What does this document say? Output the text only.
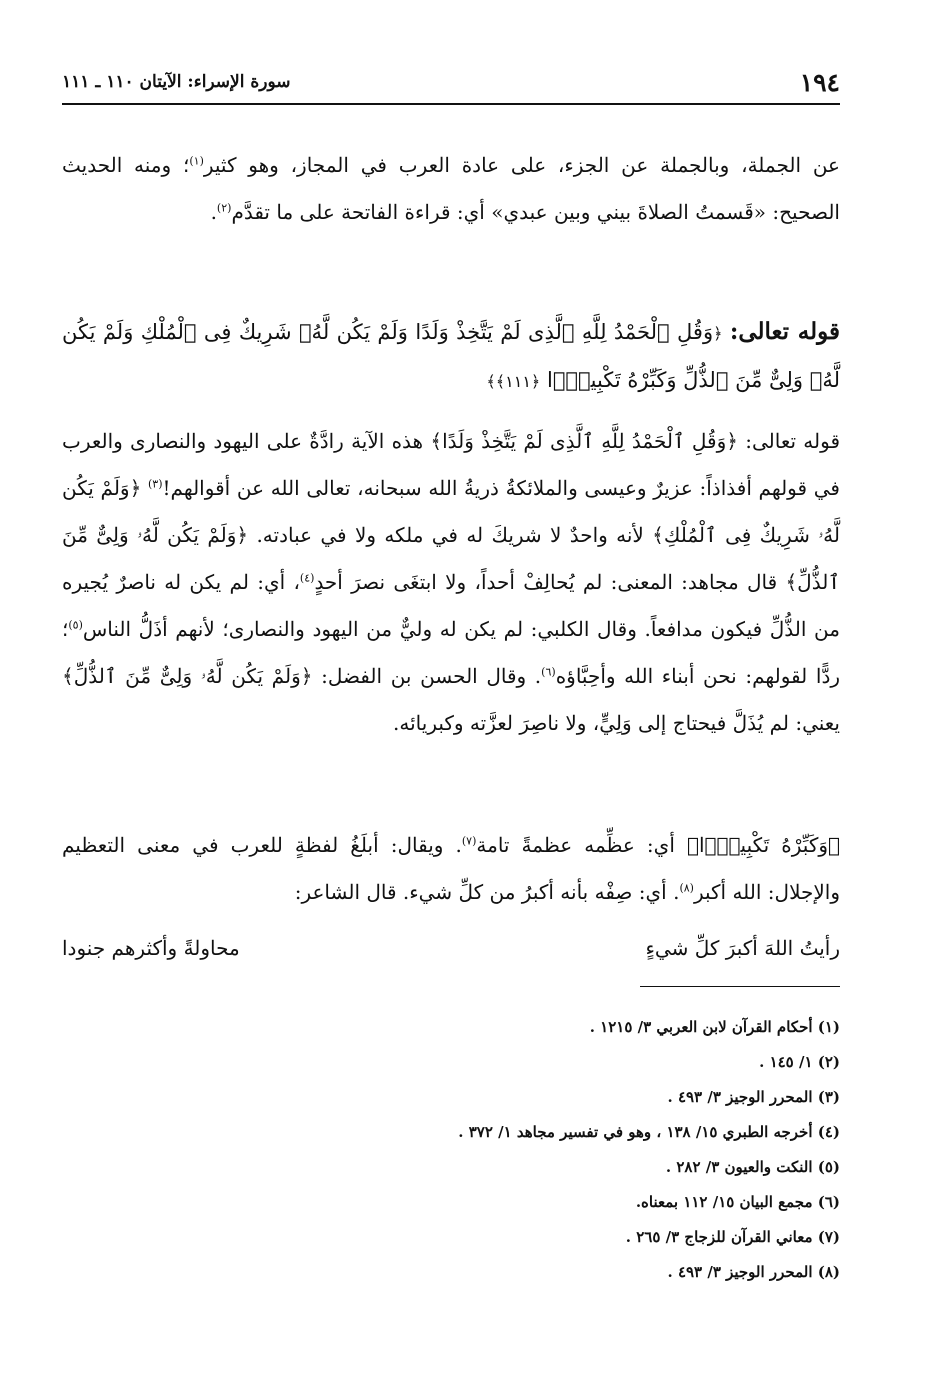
١٩٤
سورة الإسراء: الآيتان ١١٠ ـ ١١١

عن الجملة، وبالجملة عن الجزء، على عادة العرب في المجاز، وهو كثير$^{(١)}$؛ ومنه الحديث الصحيح: «قَسمتُ الصلاةَ بيني وبين عبدي» أي: قراءة الفاتحة على ما تقدَّم$^{(٢)}$.

قوله تعالى: ﴿وَقُلِ ٱلْحَمْدُ لِلَّهِ ٱلَّذِى لَمْ يَتَّخِذْ وَلَدًا وَلَمْ يَكُن لَّهُۥ شَرِيكٌ فِى ٱلْمُلْكِ وَلَمْ يَكُن لَّهُۥ وَلِىٌّ مِّنَ ٱلذُّلِّ وَكَبِّرْهُ تَكْبِيرًۢا ﴿١١١﴾﴾

قوله تعالى: ﴿وَقُلِ ٱلْحَمْدُ لِلَّهِ ٱلَّذِى لَمْ يَتَّخِذْ وَلَدًا﴾ هذه الآية رادَّةٌ على اليهود والنصارى والعرب في قولهم أفذاذاً: عزيرٌ وعيسى والملائكةُ ذريةُ الله سبحانه، تعالى الله عن أقوالهم!$^{(٣)}$ ﴿وَلَمْ يَكُن لَّهُۥ شَرِيكٌ فِى ٱلْمُلْكِ﴾ لأنه واحدٌ لا شريكَ له في ملكه ولا في عبادته. ﴿وَلَمْ يَكُن لَّهُۥ وَلِىٌّ مِّنَ ٱلذُّلِّ﴾ قال مجاهد: المعنى: لم يُحالِفْ أحداً، ولا ابتغَى نصرَ أحدٍ$^{(٤)}$، أي: لم يكن له ناصرٌ يُجيره من الذُّلِّ فيكون مدافعاً. وقال الكلبي: لم يكن له وليٌّ من اليهود والنصارى؛ لأنهم أذَلُّ الناس$^{(٥)}$؛ ردًّا لقولهم: نحن أبناء الله وأحِبَّاؤه$^{(٦)}$. وقال الحسن بن الفضل: ﴿وَلَمْ يَكُن لَّهُۥ وَلِىٌّ مِّنَ ٱلذُّلِّ﴾ يعني: لم يُذَلَّ فيحتاج إلى وَلِيٍّ، ولا ناصِرَ لعزَّته وكبريائه.

﴿وَكَبِّرْهُ تَكْبِيرًۢا﴾ أي: عظِّمه عظمةً تامة$^{(٧)}$. ويقال: أبلَغُ لفظةٍ للعرب في معنى التعظيم والإجلال: الله أكبر$^{(٨)}$. أي: صِفْه بأنه أكبرُ من كلِّ شيء. قال الشاعر:

رأيتُ اللهَ أكبرَ كلِّ شيءٍ
محاولةً وأكثرهم جنودا

(١) أحكام القرآن لابن العربي ٣/ ١٢١٥ .

(٢) ١/ ١٤٥ .

(٣) المحرر الوجيز ٣/ ٤٩٣ .

(٤) أخرجه الطبري ١٥/ ١٣٨ ، وهو في تفسير مجاهد ١/ ٣٧٢ .

(٥) النكت والعيون ٣/ ٢٨٢ .

(٦) مجمع البيان ١٥/ ١١٢ بمعناه.

(٧) معاني القرآن للزجاج ٣/ ٢٦٥ .

(٨) المحرر الوجيز ٣/ ٤٩٣ .
